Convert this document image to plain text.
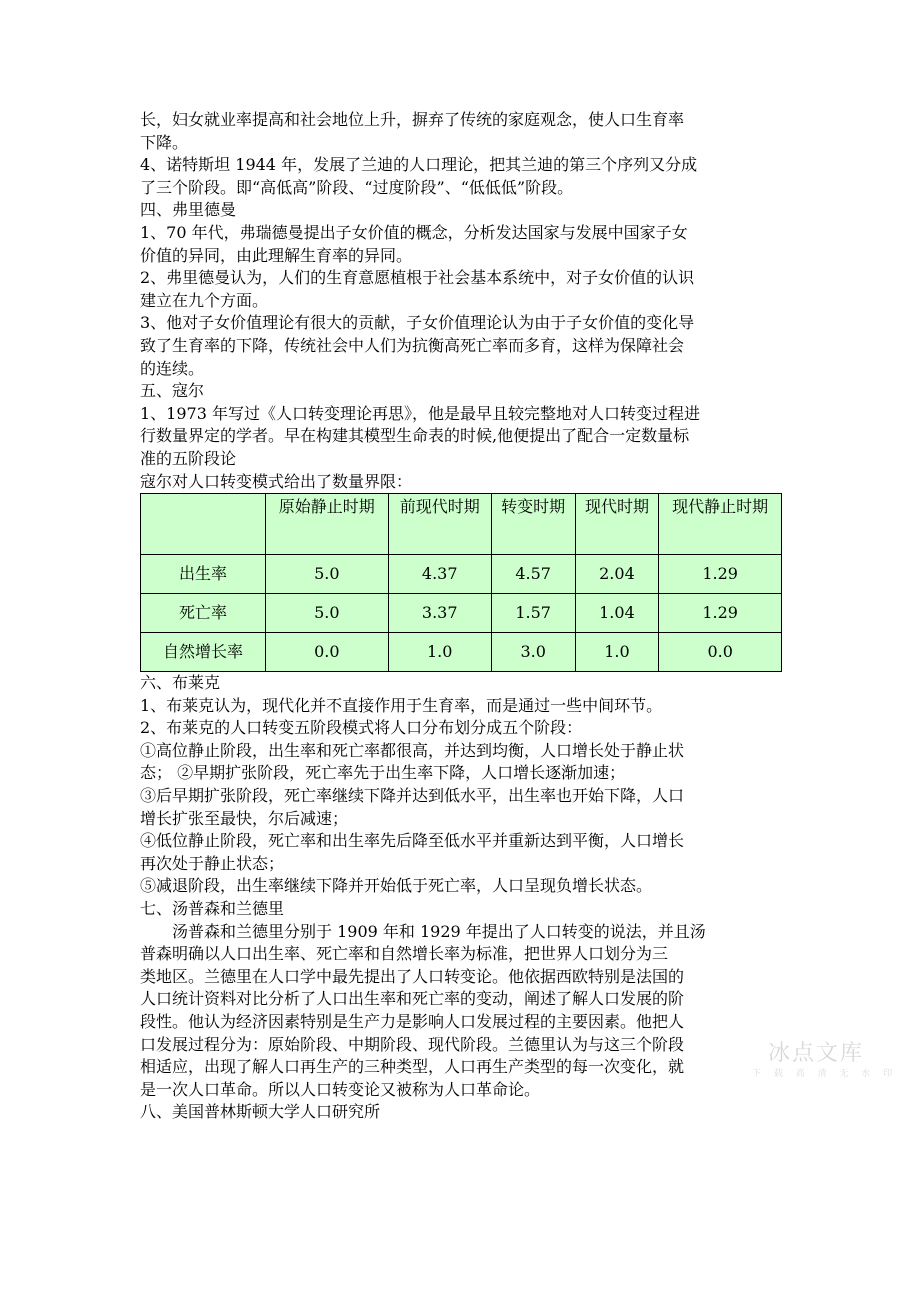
长，妇女就业率提高和社会地位上升，摒弃了传统的家庭观念，使人口生育率

下降。

4、诺特斯坦 1944 年，发展了兰迪的人口理论，把其兰迪的第三个序列又分成

了三个阶段。即“高低高”阶段、“过度阶段”、“低低低”阶段。

四、弗里德曼

1、70 年代，弗瑞德曼提出子女价值的概念，分析发达国家与发展中国家子女

价值的异同，由此理解生育率的异同。

2、弗里德曼认为，人们的生育意愿植根于社会基本系统中，对子女价值的认识

建立在九个方面。

3、他对子女价值理论有很大的贡献，子女价值理论认为由于子女价值的变化导

致了生育率的下降，传统社会中人们为抗衡高死亡率而多育，这样为保障社会

的连续。

五、寇尔

1、1973 年写过《人口转变理论再思》，他是最早且较完整地对人口转变过程进

行数量界定的学者。早在构建其模型生命表的时候,他便提出了配合一定数量标

准的五阶段论

寇尔对人口转变模式给出了数量界限：

	原始静止时期	前现代时期	转变时期	现代时期	现代静止时期
出生率	5.0	4.37	4.57	2.04	1.29
死亡率	5.0	3.37	1.57	1.04	1.29
自然增长率	0.0	1.0	3.0	1.0	0.0

六、布莱克

1、布莱克认为，现代化并不直接作用于生育率，而是通过一些中间环节。

2、布莱克的人口转变五阶段模式将人口分布划分成五个阶段：

①高位静止阶段，出生率和死亡率都很高，并达到均衡，人口增长处于静止状

态； ②早期扩张阶段，死亡率先于出生率下降，人口增长逐渐加速；

③后早期扩张阶段，死亡率继续下降并达到低水平，出生率也开始下降，人口

增长扩张至最快，尔后减速；

④低位静止阶段，死亡率和出生率先后降至低水平并重新达到平衡，人口增长

再次处于静止状态；

⑤减退阶段，出生率继续下降并开始低于死亡率，人口呈现负增长状态。

七、汤普森和兰德里

汤普森和兰德里分别于 1909 年和 1929 年提出了人口转变的说法，并且汤

普森明确以人口出生率、死亡率和自然增长率为标准，把世界人口划分为三

类地区。兰德里在人口学中最先提出了人口转变论。他依据西欧特别是法国的

人口统计资料对比分析了人口出生率和死亡率的变动，阐述了解人口发展的阶

段性。他认为经济因素特别是生产力是影响人口发展过程的主要因素。他把人

口发展过程分为：原始阶段、中期阶段、现代阶段。兰德里认为与这三个阶段

相适应，出现了解人口再生产的三种类型，人口再生产类型的每一次变化，就

是一次人口革命。所以人口转变论又被称为人口革命论。

八、美国普林斯顿大学人口研究所

冰点文库
下 载 高 清 无 水 印
